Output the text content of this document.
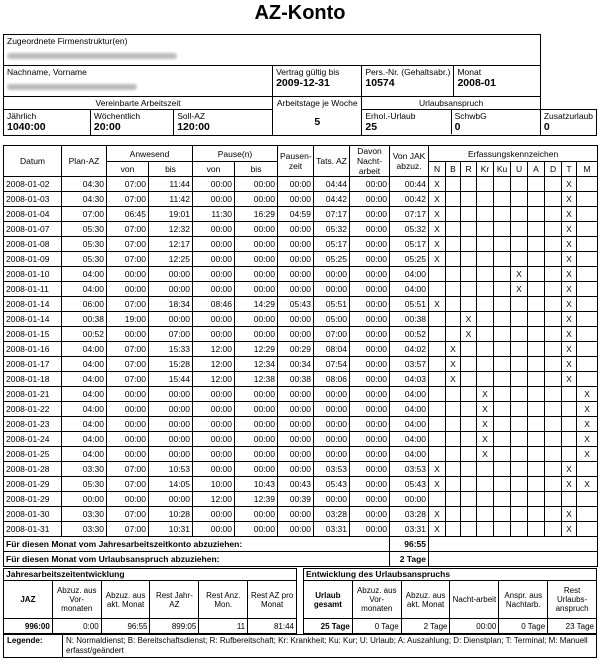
AZ-Konto
Zugeordnete Firmenstruktur(en)

Nachname, Vorname	Vertrag gültig bis
2009-12-31

Pers.-Nr. (Gehaltsabr.)
10574

Monat
2008-01

Vereinbarte Arbeitszeit	Arbeitstage je Woche
5

Urlaubsanspruch

Jährlich
1040:00

Wöchentlich
20:00

Soll-AZ
120:00

Erhol.-Urlaub
25

SchwbG
0

Zusatzurlaub
0
Datum	Plan-AZ	Anwesend		Pause(n)		Pausen-zeit	Tats. AZ	Davon Nacht-arbeit	Von JAK abzuz.	Erfassungskennzeichen									
		von	bis	von	bis					N	B	R	Kr	Ku	U	A	D	T	M
2008-01-02	04:30	07:00	11:44	00:00	00:00	00:00	04:44	00:00	00:44	X								X	
2008-01-03	04:30	07:00	11:42	00:00	00:00	00:00	04:42	00:00	00:42	X								X	
2008-01-04	07:00	06:45	19:01	11:30	16:29	04:59	07:17	00:00	07:17	X								X	
2008-01-07	05:30	07:00	12:32	00:00	00:00	00:00	05:32	00:00	05:32	X								X	
2008-01-08	05:30	07:00	12:17	00:00	00:00	00:00	05:17	00:00	05:17	X								X	
2008-01-09	05:30	07:00	12:25	00:00	00:00	00:00	05:25	00:00	05:25	X								X	
2008-01-10	04:00	00:00	00:00	00:00	00:00	00:00	00:00	00:00	04:00						X			X	
2008-01-11	04:00	00:00	00:00	00:00	00:00	00:00	00:00	00:00	04:00						X			X	
2008-01-14	06:00	07:00	18:34	08:46	14:29	05:43	05:51	00:00	05:51	X								X	
2008-01-14	00:38	19:00	00:00	00:00	00:00	00:00	05:00	00:00	00:38			X						X	
2008-01-15	00:52	00:00	07:00	00:00	00:00	00:00	07:00	00:00	00:52			X						X	
2008-01-16	04:00	07:00	15:33	12:00	12:29	00:29	08:04	00:00	04:02		X							X	
2008-01-17	04:00	07:00	15:28	12:00	12:34	00:34	07:54	00:00	03:57		X							X	
2008-01-18	04:00	07:00	15:44	12:00	12:38	00:38	08:06	00:00	04:03		X							X	
2008-01-21	04:00	00:00	00:00	00:00	00:00	00:00	00:00	00:00	04:00				X						X
2008-01-22	04:00	00:00	00:00	00:00	00:00	00:00	00:00	00:00	04:00				X						X
2008-01-23	04:00	00:00	00:00	00:00	00:00	00:00	00:00	00:00	04:00				X						X
2008-01-24	04:00	00:00	00:00	00:00	00:00	00:00	00:00	00:00	04:00				X						X
2008-01-25	04:00	00:00	00:00	00:00	00:00	00:00	00:00	00:00	04:00				X						X
2008-01-28	03:30	07:00	10:53	00:00	00:00	00:00	03:53	00:00	03:53	X								X	
2008-01-29	05:30	07:00	14:05	10:00	10:43	00:43	05:43	00:00	05:43	X								X	X
2008-01-29	00:00	00:00	00:00	12:00	12:39	00:39	00:00	00:00	00:00										
2008-01-30	03:30	07:00	10:28	00:00	00:00	00:00	03:28	00:00	03:28	X								X	
2008-01-31	03:30	07:00	10:31	00:00	00:00	00:00	03:31	00:00	03:31	X								X	
Für diesen Monat vom Jahresarbeitszeitkonto abzuziehen:									96:55										
Für diesen Monat vom Urlaubsanspruch abzuziehen:									2 Tage										
Jahresarbeitszeitentwicklung					
JAZ	Abzuz. aus Vor-monaten	Abzuz. aus akt. Monat	Rest Jahr-AZ	Rest Anz. Mon.	Rest AZ pro Monat
996:00	0:00	96:55	899:05	11	81:44
Entwicklung des Urlaubsanspruchs					
Urlaub gesamt	Abzuz. aus Vor-monaten	Abzuz. aus akt. Monat	Nacht-arbeit	Anspr. aus Nachtarb.	Rest Urlaubs-anspruch
25 Tage	0 Tage	2 Tage	00:00	0 Tage	23 Tage
Legende:	N: Normaldienst; B: Bereitschaftsdienst; R: Rufbereitschaft; Kr: Krankheit; Ku: Kur; U: Urlaub; A: Auszahlung; D: Dienstplan; T: Terminal; M: Manuell erfasst/geändert
